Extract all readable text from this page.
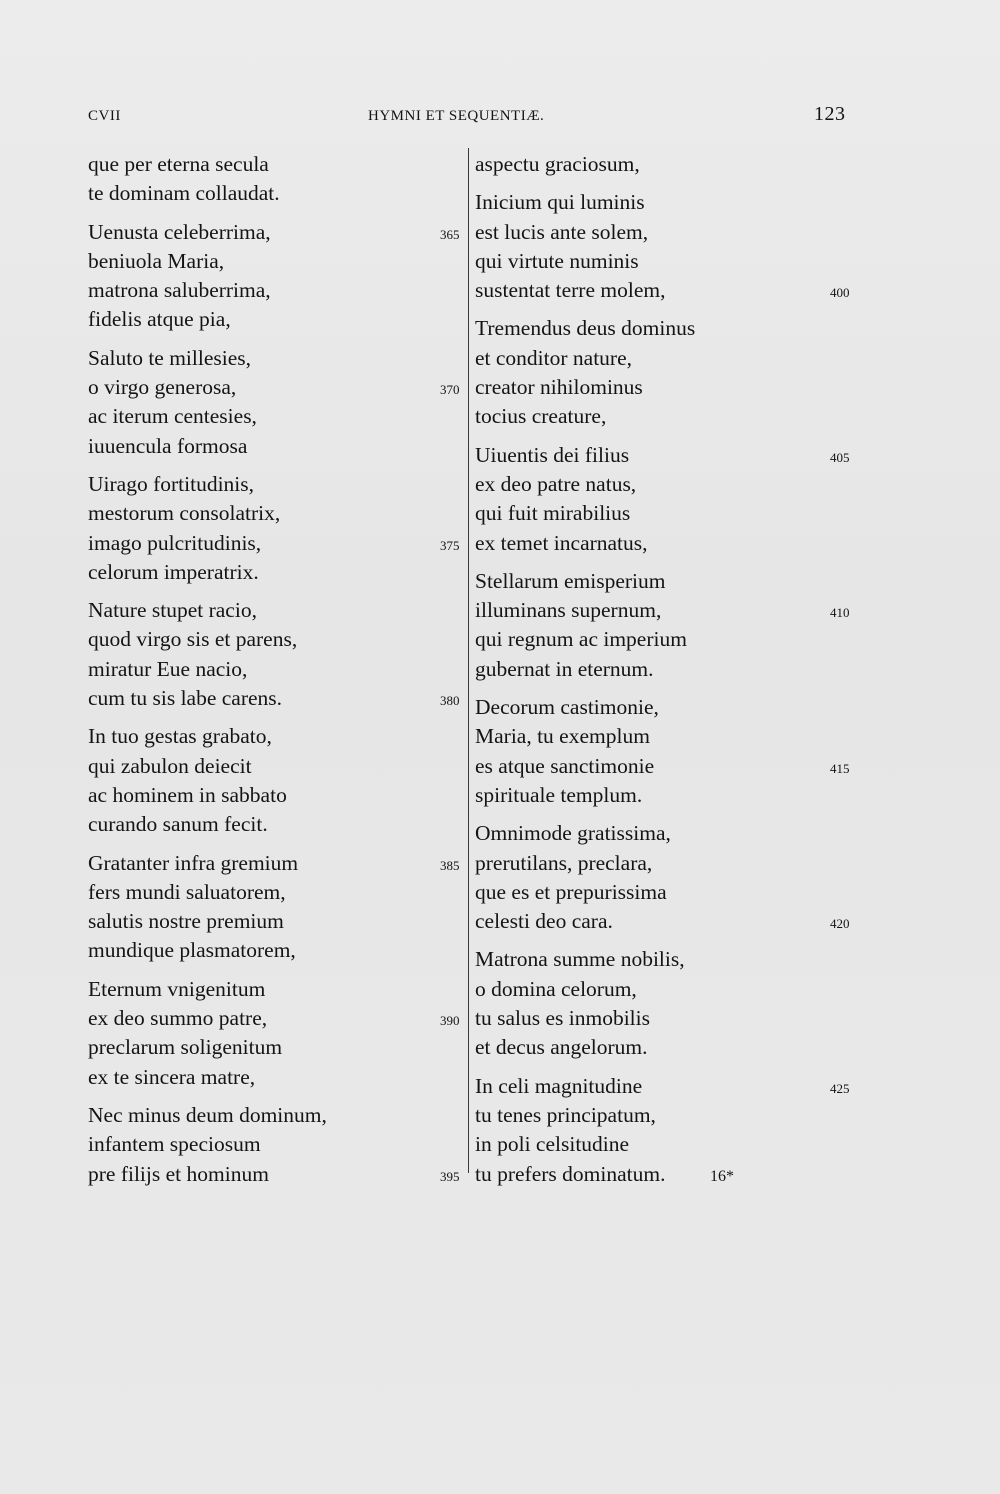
CVII	HYMNI ET SEQUENTIÆ.	123
que per eterna secula
te dominam collaudat.
Uenusta celeberrima,	365
beniuola Maria,
matrona saluberrima,
fidelis atque pia,
Saluto te millesies,
o virgo generosa,	370
ac iterum centesies,
iuuencula formosa
Uirago fortitudinis,
mestorum consolatrix,
imago pulcritudinis,	375
celorum imperatrix.
Nature stupet racio,
quod virgo sis et parens,
miratur Eue nacio,
cum tu sis labe carens.	380
In tuo gestas grabato,
qui zabulon deiecit
ac hominem in sabbato
curando sanum fecit.
Gratanter infra gremium	385
fers mundi saluatorem,
salutis nostre premium
mundique plasmatorem,
Eternum vnigenitum
ex deo summo patre,	390
preclarum soligenitum
ex te sincera matre,
Nec minus deum dominum,
infantem speciosum
pre filijs et hominum	395
aspectu graciosum,
Inicium qui luminis
est lucis ante solem,
qui virtute numinis
sustentat terre molem,	400
Tremendus deus dominus
et conditor nature,
creator nihilominus
tocius creature,
Uiuentis dei filius	405
ex deo patre natus,
qui fuit mirabilius
ex temet incarnatus,
Stellarum emisperium
illuminans supernum,	410
qui regnum ac imperium
gubernat in eternum.
Decorum castimonie,
Maria, tu exemplum
es atque sanctimonie	415
spirituale templum.
Omnimode gratissima,
prerutilans, preclara,
que es et prepurissima
celesti deo cara.	420
Matrona summe nobilis,
o domina celorum,
tu salus es inmobilis
et decus angelorum.
In celi magnitudine	425
tu tenes principatum,
in poli celsitudine
tu prefers dominatum.	16*
